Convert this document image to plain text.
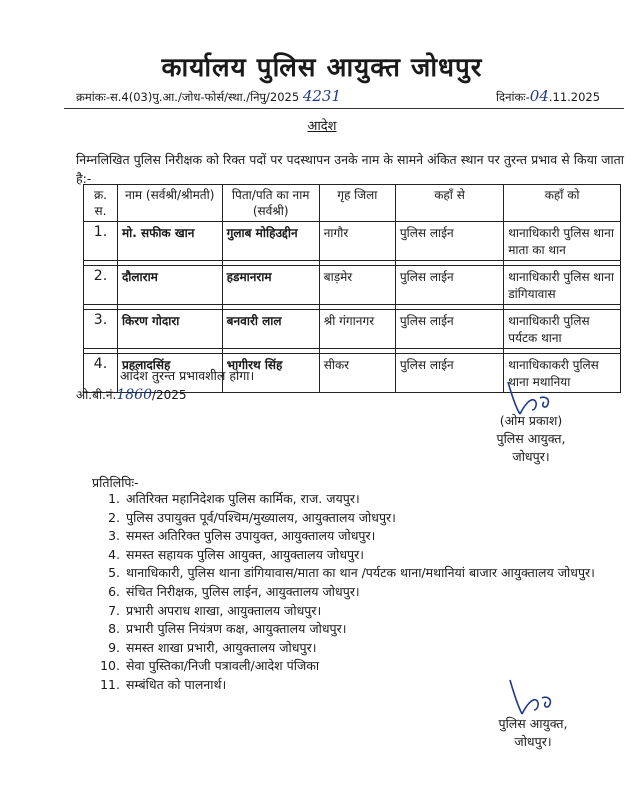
कार्यालय पुलिस आयुक्त जोधपुर
क्रमांकः-स.4(03)पु.आ./जोध-फोर्स/स्था./निपु/2025 4231	दिनांकः-04.11.2025
आदेश
निम्नलिखित पुलिस निरीक्षक को रिक्त पदों पर पदस्थापन उनके नाम के सामने अंकित स्थान पर तुरन्त प्रभाव से किया जाता है:-
क्र. स.	नाम (सर्वश्री/श्रीमती)	पिता/पति का नाम (सर्वश्री)	गृह जिला	कहाँ से	कहाँ को
1.	मो. सफीक खान	गुलाब मोहिउद्दीन	नागौर	पुलिस लाईन	थानाधिकारी पुलिस थाना माता का थान

2.	दौलाराम	हडमानराम	बाड़मेर	पुलिस लाईन	थानाधिकारी पुलिस थाना डांगियावास

3.	किरण गोदारा	बनवारी लाल	श्री गंगानगर	पुलिस लाईन	थानाधिकारी पुलिस पर्यटक थाना

4.	प्रहलादसिंह	भागीरथ सिंह	सीकर	पुलिस लाईन	थानाधिकाकरी पुलिस थाना मथानिया
आदेश तुरन्त प्रभावशील होगा।
ओ.बी.नं.1860/2025
(ओम प्रकाश)
पुलिस आयुक्त,
जोधपुर।
प्रतिलिपिः-
1. अतिरिक्त महानिदेशक पुलिस कार्मिक, राज. जयपुर।
2. पुलिस उपायुक्त पूर्व/पश्चिम/मुख्यालय, आयुक्तालय जोधपुर।
3. समस्त अतिरिक्त पुलिस उपायुक्त, आयुक्तालय जोधपुर।
4. समस्त सहायक पुलिस आयुक्त, आयुक्तालय जोधपुर।
5. थानाधिकारी, पुलिस थाना डांगियावास/माता का थान /पर्यटक थाना/मथानियां बाजार आयुक्तालय जोधपुर।
6. संचित निरीक्षक, पुलिस लाईन, आयुक्तालय जोधपुर।
7. प्रभारी अपराध शाखा, आयुक्तालय जोधपुर।
8. प्रभारी पुलिस नियंत्रण कक्ष, आयुक्तालय जोधपुर।
9. समस्त शाखा प्रभारी, आयुक्तालय जोधपुर।
10. सेवा पुस्तिका/निजी पत्रावली/आदेश पंजिका
11. सम्बंधित को पालनार्थ।
पुलिस आयुक्त,
जोधपुर।
